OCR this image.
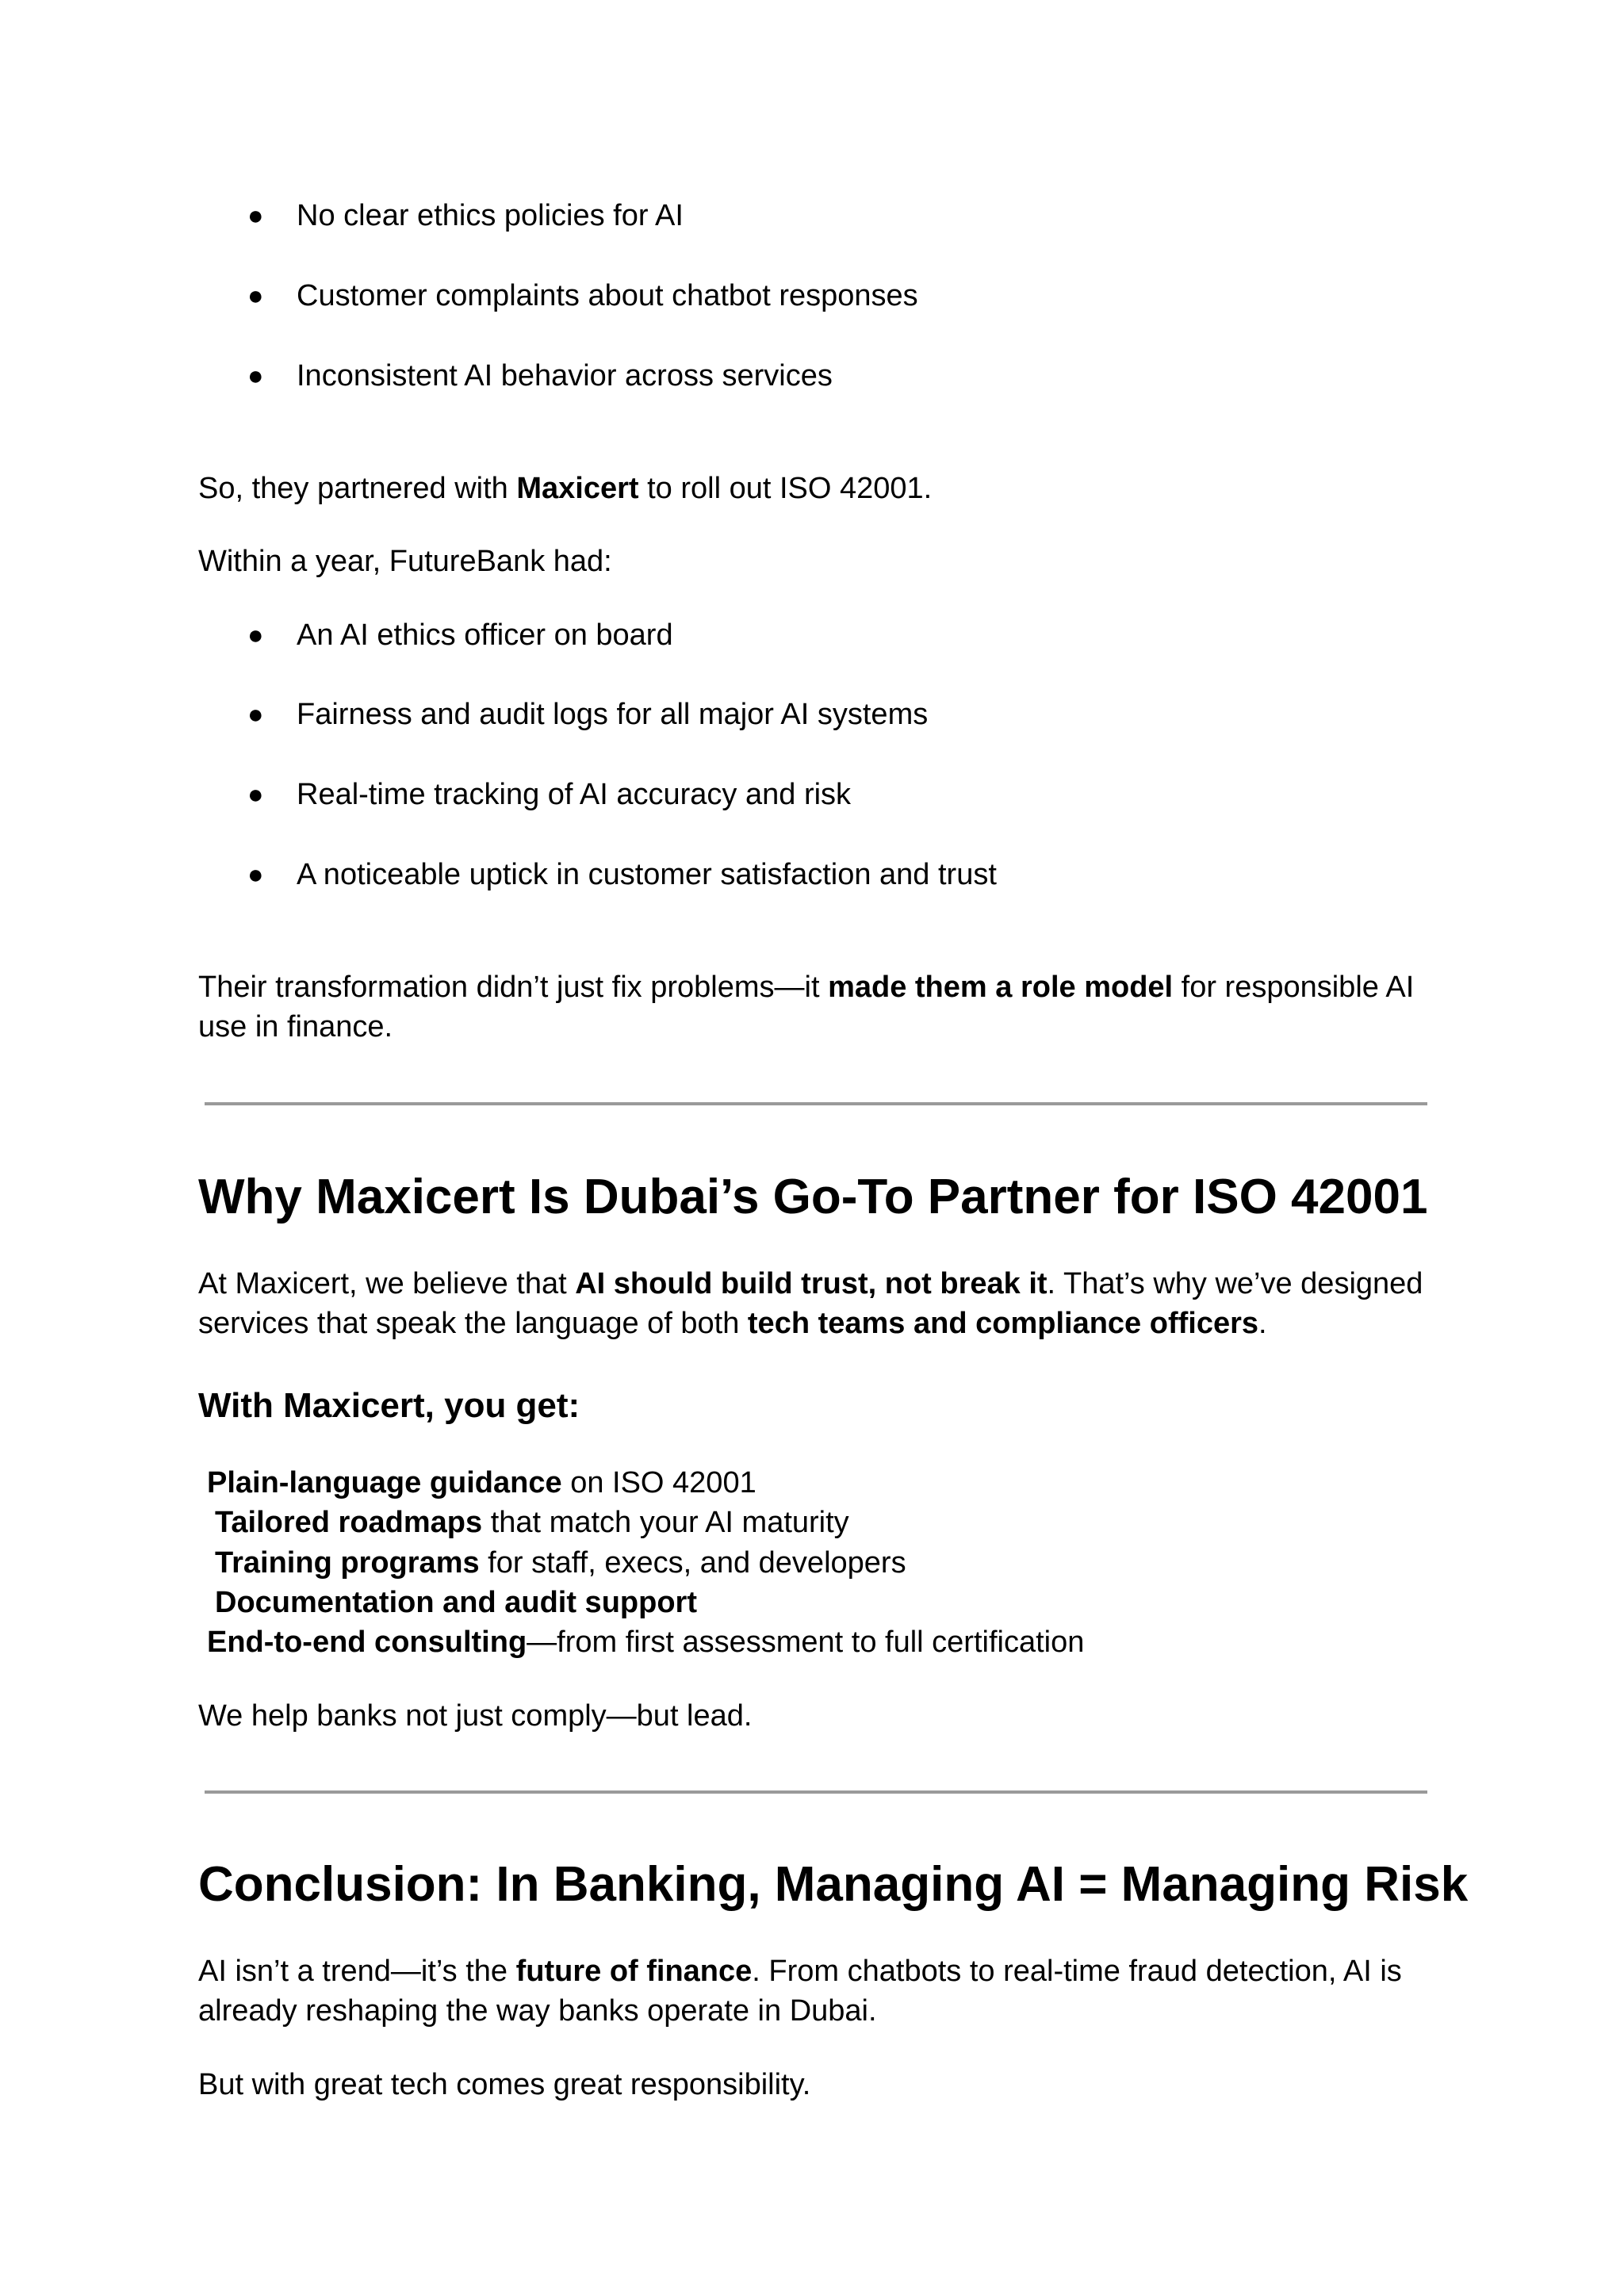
● No clear ethics policies for AI
● Customer complaints about chatbot responses
● Inconsistent AI behavior across services
So, they partnered with Maxicert to roll out ISO 42001.
Within a year, FutureBank had:
● An AI ethics officer on board
● Fairness and audit logs for all major AI systems
● Real-time tracking of AI accuracy and risk
● A noticeable uptick in customer satisfaction and trust
Their transformation didn’t just fix problems—it made them a role model for responsible AI
use in finance.
Why Maxicert Is Dubai’s Go-To Partner for ISO 42001
At Maxicert, we believe that AI should build trust, not break it. That’s why we’ve designed
services that speak the language of both tech teams and compliance officers.
With Maxicert, you get:
Plain-language guidance on ISO 42001
Tailored roadmaps that match your AI maturity
Training programs for staff, execs, and developers
Documentation and audit support
End-to-end consulting—from first assessment to full certification
We help banks not just comply—but lead.
Conclusion: In Banking, Managing AI = Managing Risk
AI isn’t a trend—it’s the future of finance. From chatbots to real-time fraud detection, AI is
already reshaping the way banks operate in Dubai.
But with great tech comes great responsibility.
